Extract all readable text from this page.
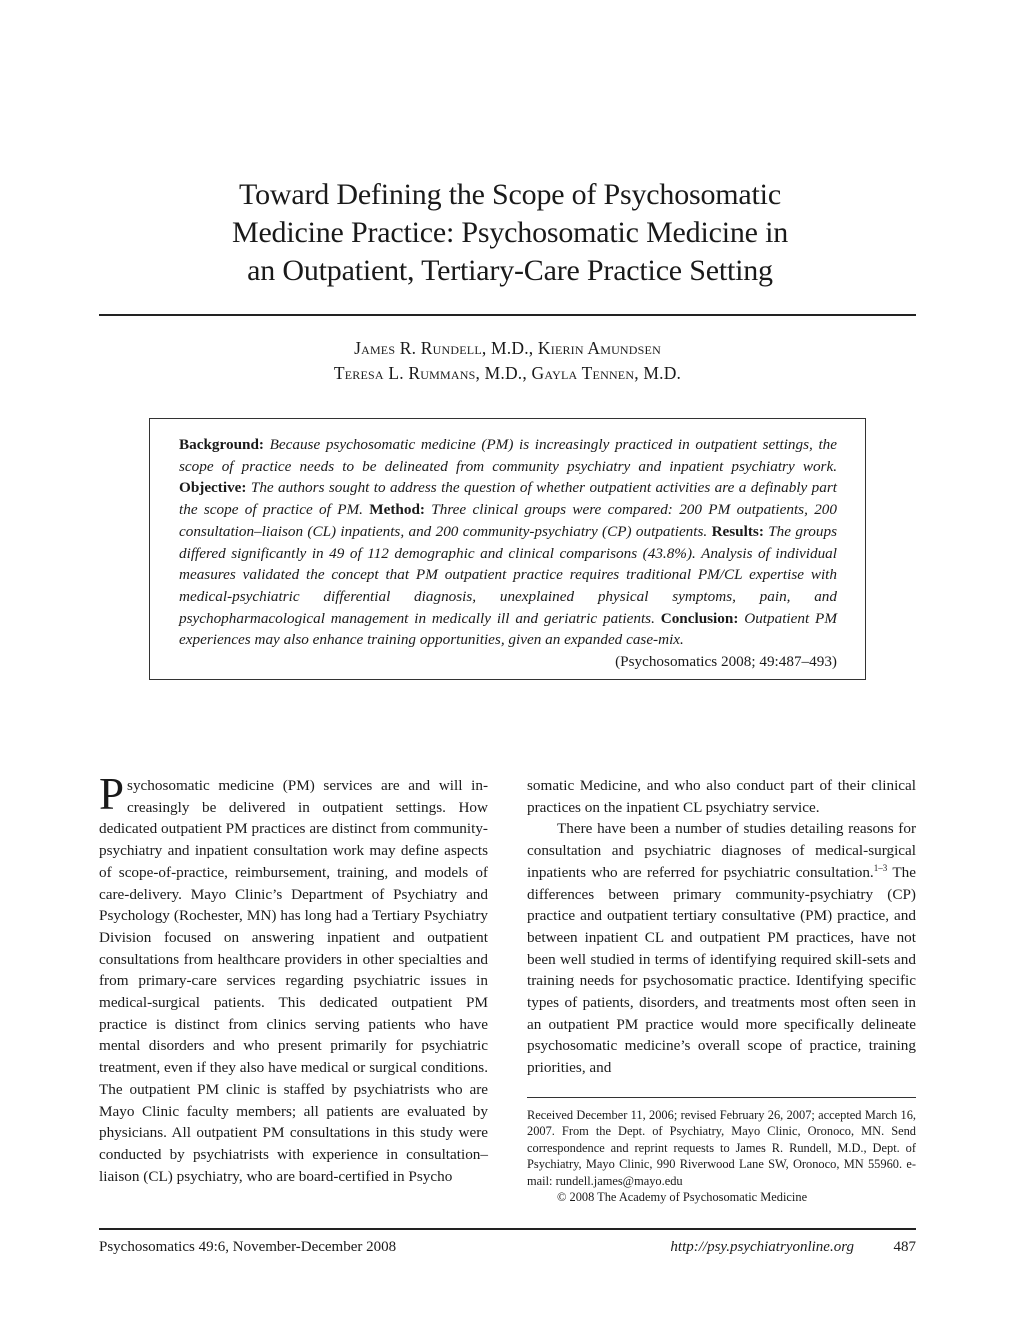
Toward Defining the Scope of Psychosomatic
Medicine Practice: Psychosomatic Medicine in
an Outpatient, Tertiary-Care Practice Setting
James R. Rundell, M.D., Kierin Amundsen
Teresa L. Rummans, M.D., Gayla Tennen, M.D.
Background: Because psychosomatic medicine (PM) is increasingly practiced in outpatient settings, the scope of practice needs to be delineated from community psychiatry and inpatient psychiatry work. Objective: The authors sought to address the question of whether outpatient activities are a definably part the scope of practice of PM. Method: Three clinical groups were compared: 200 PM outpatients, 200 consultation–liaison (CL) inpatients, and 200 community-psychiatry (CP) outpatients. Results: The groups differed significantly in 49 of 112 demographic and clinical comparisons (43.8%). Analysis of individual measures validated the concept that PM outpatient practice requires traditional PM/CL expertise with medical-psychiatric differential diagnosis, unexplained physical symptoms, pain, and psychopharmacological management in medically ill and geriatric patients. Conclusion: Outpatient PM experiences may also enhance training opportunities, given an expanded case-mix.
(Psychosomatics 2008; 49:487–493)

Psychosomatic medicine (PM) services are and will increasingly be delivered in outpatient settings. How dedicated outpatient PM practices are distinct from community-psychiatry and inpatient consultation work may define aspects of scope-of-practice, reimbursement, training, and models of care-delivery. Mayo Clinic’s Department of Psychiatry and Psychology (Rochester, MN) has long had a Tertiary Psychiatry Division focused on answering inpatient and outpatient consultations from healthcare providers in other specialties and from primary-care services regarding psychiatric issues in medical-surgical patients. This dedicated outpatient PM practice is distinct from clinics serving patients who have mental disorders and who present primarily for psychiatric treatment, even if they also have medical or surgical conditions. The outpatient PM clinic is staffed by psychiatrists who are Mayo Clinic faculty members; all patients are evaluated by physicians. All outpatient PM consultations in this study were conducted by psychiatrists with experience in consultation–liaison (CL) psychiatry, who are board-certified in Psycho

somatic Medicine, and who also conduct part of their clinical practices on the inpatient CL psychiatry service.

There have been a number of studies detailing reasons for consultation and psychiatric diagnoses of medical-surgical inpatients who are referred for psychiatric consultation.$^{1-3}$ The differences between primary community-psychiatry (CP) practice and outpatient tertiary consultative (PM) practice, and between inpatient CL and outpatient PM practices, have not been well studied in terms of identifying required skill-sets and training needs for psychosomatic practice. Identifying specific types of patients, disorders, and treatments most often seen in an outpatient PM practice would more specifically delineate psychosomatic medicine’s overall scope of practice, training priorities, and

Received December 11, 2006; revised February 26, 2007; accepted March 16, 2007. From the Dept. of Psychiatry, Mayo Clinic, Oronoco, MN. Send correspondence and reprint requests to James R. Rundell, M.D., Dept. of Psychiatry, Mayo Clinic, 990 Riverwood Lane SW, Oronoco, MN 55960. e-mail: rundell.james@mayo.edu

© 2008 The Academy of Psychosomatic Medicine

Psychosomatics 49:6, November-December 2008	http://psy.psychiatryonline.org	487
